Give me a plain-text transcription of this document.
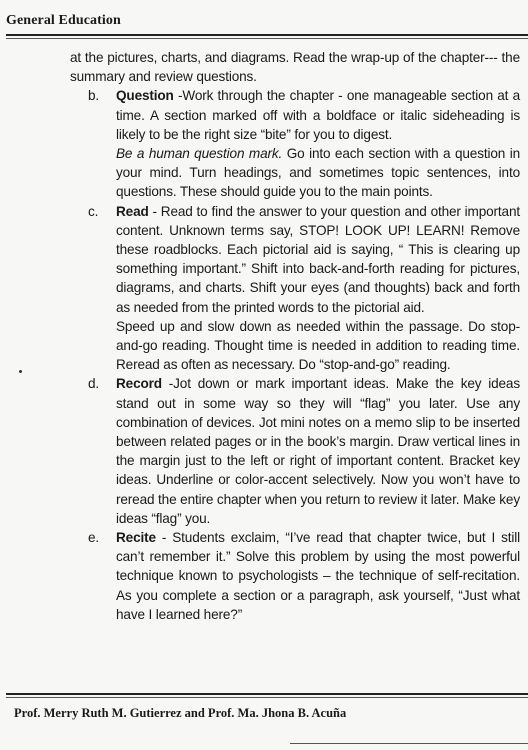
General Education

at the pictures, charts, and diagrams. Read the wrap-up of the chapter--- the summary and review questions.

b. Question -Work through the chapter - one manageable section at a time. A section marked off with a boldface or italic sideheading is likely to be the right size “bite” for you to digest.

Be a human question mark. Go into each section with a question in your mind. Turn headings, and sometimes topic sentences, into questions. These should guide you to the main points.

c. Read - Read to find the answer to your question and other important content. Unknown terms say, STOP! LOOK UP! LEARN! Remove these roadblocks. Each pictorial aid is saying, “ This is clearing up something important.” Shift into back-and-forth reading for pictures, diagrams, and charts. Shift your eyes (and thoughts) back and forth as needed from the printed words to the pictorial aid.

Speed up and slow down as needed within the passage. Do stop-and-go reading. Thought time is needed in addition to reading time. Reread as often as necessary. Do “stop-and-go” reading.

d. Record -Jot down or mark important ideas. Make the key ideas stand out in some way so they will “flag” you later. Use any combination of devices. Jot mini notes on a memo slip to be inserted between related pages or in the book’s margin. Draw vertical lines in the margin just to the left or right of important content. Bracket key ideas. Underline or color-accent selectively. Now you won’t have to reread the entire chapter when you return to review it later. Make key ideas “flag” you.

e. Recite - Students exclaim, “I’ve read that chapter twice, but I still can’t remember it.” Solve this problem by using the most powerful technique known to psychologists – the technique of self-recitation. As you complete a section or a paragraph, ask yourself, “Just what have I learned here?”

Prof. Merry Ruth M. Gutierrez and Prof. Ma. Jhona B. Acuña
